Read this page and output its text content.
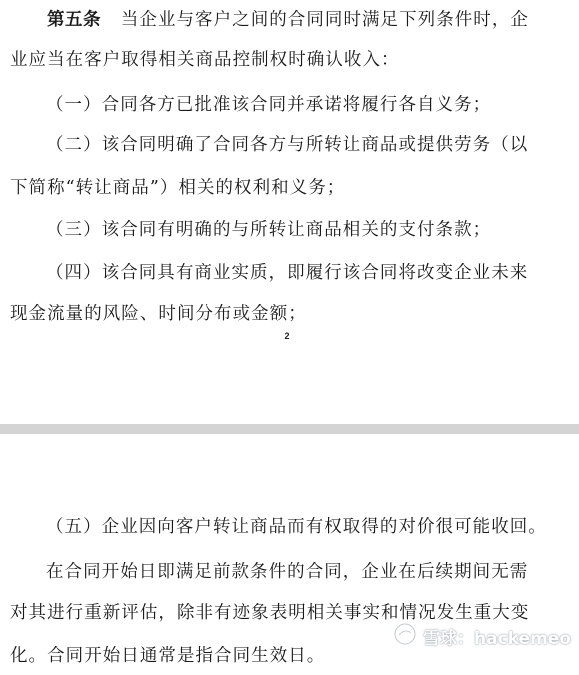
第五条 当企业与客户之间的合同同时满足下列条件时，企
业应当在客户取得相关商品控制权时确认收入：
（一）合同各方已批准该合同并承诺将履行各自义务；
（二）该合同明确了合同各方与所转让商品或提供劳务（以
下简称“转让商品”）相关的权利和义务；
（三）该合同有明确的与所转让商品相关的支付条款；
（四）该合同具有商业实质，即履行该合同将改变企业未来
现金流量的风险、时间分布或金额；
2
（五）企业因向客户转让商品而有权取得的对价很可能收回。
在合同开始日即满足前款条件的合同，企业在后续期间无需
对其进行重新评估，除非有迹象表明相关事实和情况发生重大变
化。合同开始日通常是指合同生效日。
雪球：hackemeo
